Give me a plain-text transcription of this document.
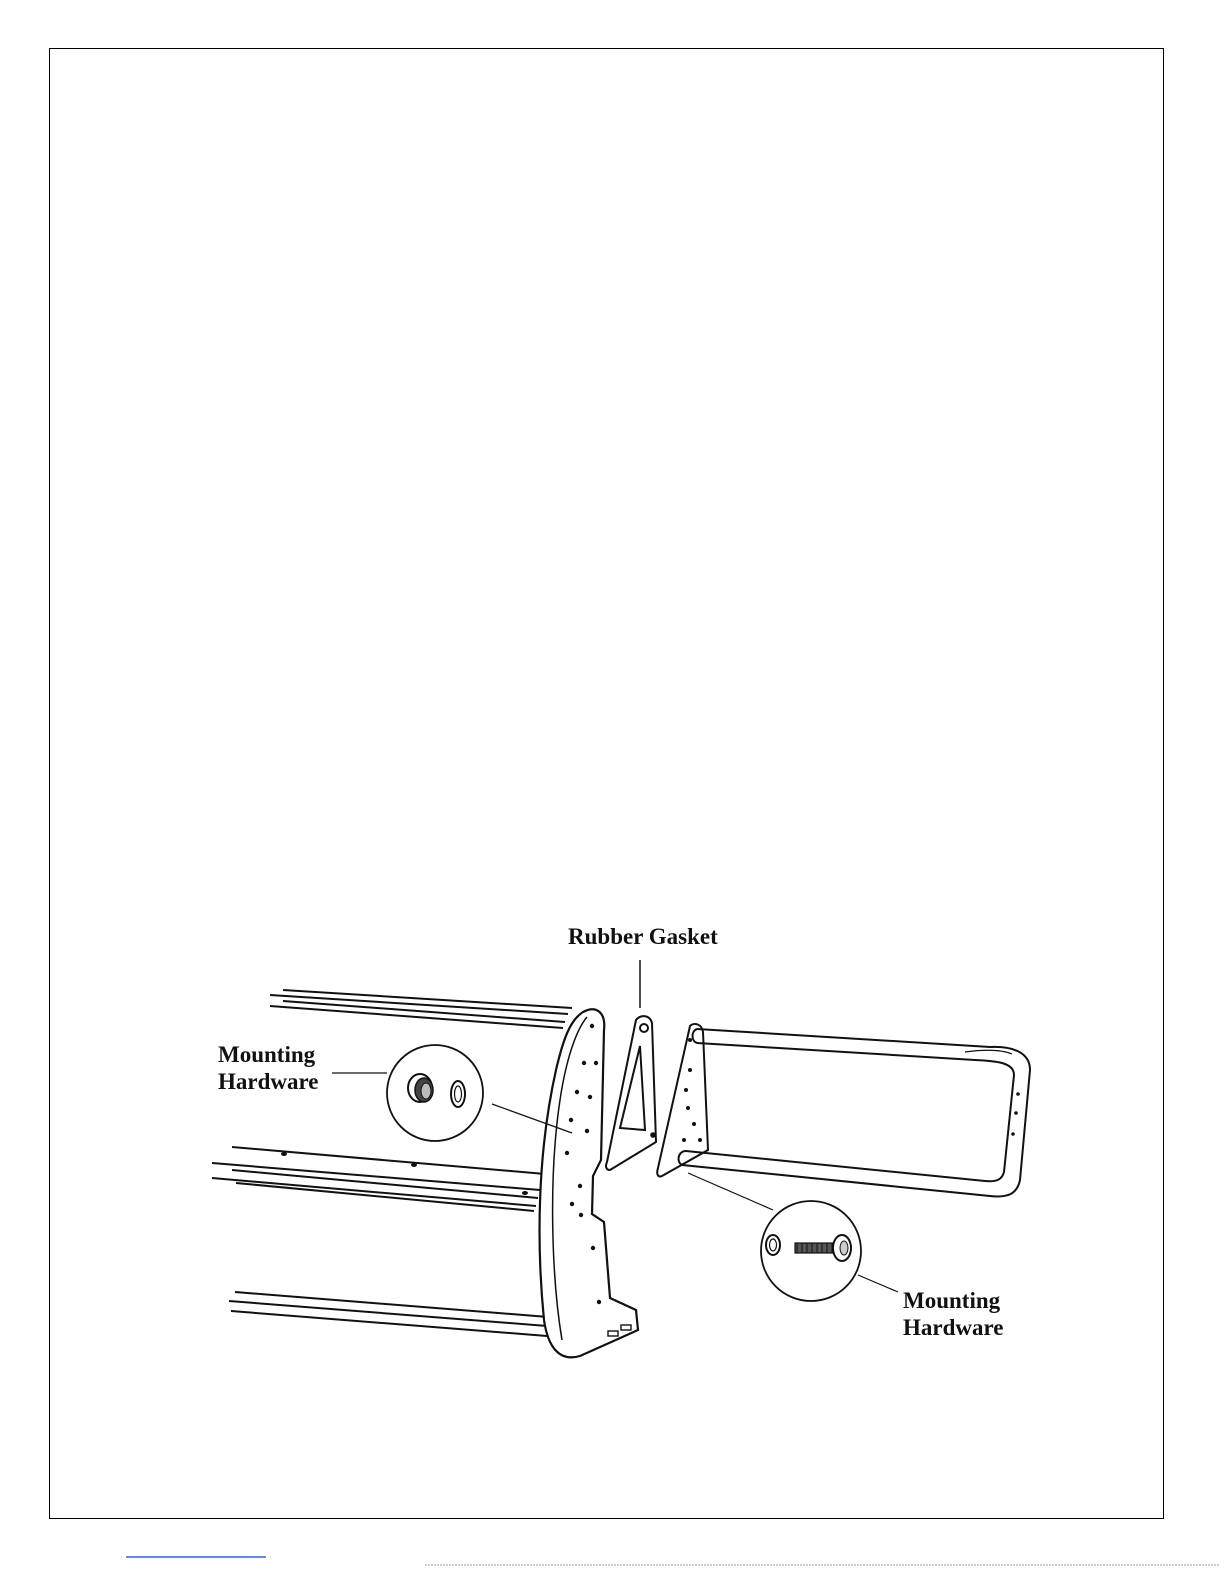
Rubber Gasket
Mounting Hardware
Mounting Hardware
